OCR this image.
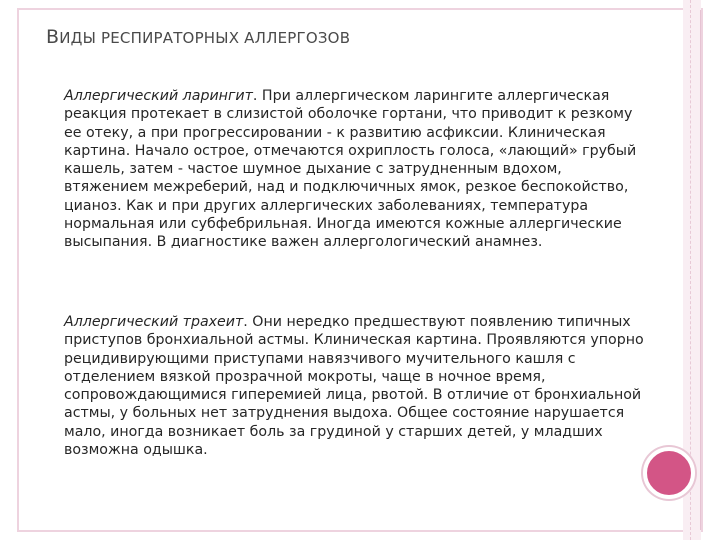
ВИДЫ РЕСПИРАТОРНЫХ АЛЛЕРГОЗОВ
Аллергический ларингит. При аллергическом ларингите аллергическая реакция протекает в слизистой оболочке гортани, что приводит к резкому ее отеку, а при прогрессировании - к развитию асфиксии. Клиническая картина. Начало острое, отмечаются охриплость голоса, «лающий» грубый кашель, затем - частое шумное дыхание с затрудненным вдохом, втяжением межреберий, над и подключичных ямок, резкое беспокойство, цианоз. Как и при других аллергических заболеваниях, температура нормальная или субфебрильная. Иногда имеются кожные аллергические высыпания. В диагностике важен аллергологический анамнез.
Аллергический трахеит. Они нередко предшествуют появлению типичных приступов бронхиальной астмы. Клиническая картина. Проявляются упорно рецидивирующими приступами навязчивого мучительного кашля с отделением вязкой прозрачной мокроты, чаще в ночное время, сопровождающимися гиперемией лица, рвотой. В отличие от бронхиальной астмы, у больных нет затруднения выдоха. Общее состояние нарушается мало, иногда возникает боль за грудиной у старших детей, у младших возможна одышка.
